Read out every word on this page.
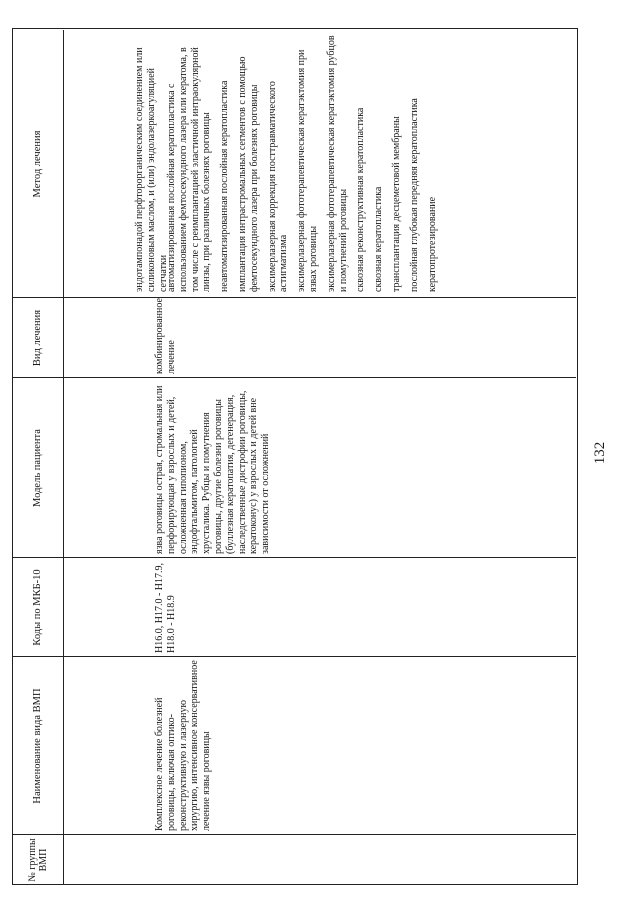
132
№ группы ВМП
Наименование вида ВМП
Коды по МКБ-10
Модель пациента
Вид лечения
Метод лечения	эндотампонадой перфторорганическим соединением или силиконовым маслом, и (или) эндолазеркоагуляцией сетчатки

Комплексное лечение болезней роговицы, включая оптико-реконструктивную и лазерную хирургию, интенсивное консервативное лечение язвы роговицы

H16.0, H17.0 - H17.9, H18.0 - H18.9

язва роговицы острая, стромальная или перфорирующая у взрослых и детей, осложненная гипопионом, эндофтальмитом, патологией хрусталика. Рубцы и помутнения роговицы, другие болезни роговицы (буллезная кератопатия, дегенерация, наследственные дистрофии роговицы, кератоконус) у взрослых и детей вне зависимости от осложнений

комбинированное лечение

автоматизированная послойная кератопластика с использованием фемтосекундного лазера или кератома, в том числе с реимплантацией эластичной интраокулярной линзы, при различных болезнях роговицы неавтоматизированная послойная кератопластика имплантация интрастромальных сегментов с помощью фемтосекундного лазера при болезнях роговицы эксимерлазерная коррекция посттравматического астигматизма эксимерлазерная фототерапевтическая кератэктомия при язвах роговицы эксимерлазерная фототерапевтическая кератэктомия рубцов и помутнений роговицы сквозная реконструктивная кератопластика сквозная кератопластика трансплантация десцеметовой мембраны послойная глубокая передняя кератопластика кератопротезирование
